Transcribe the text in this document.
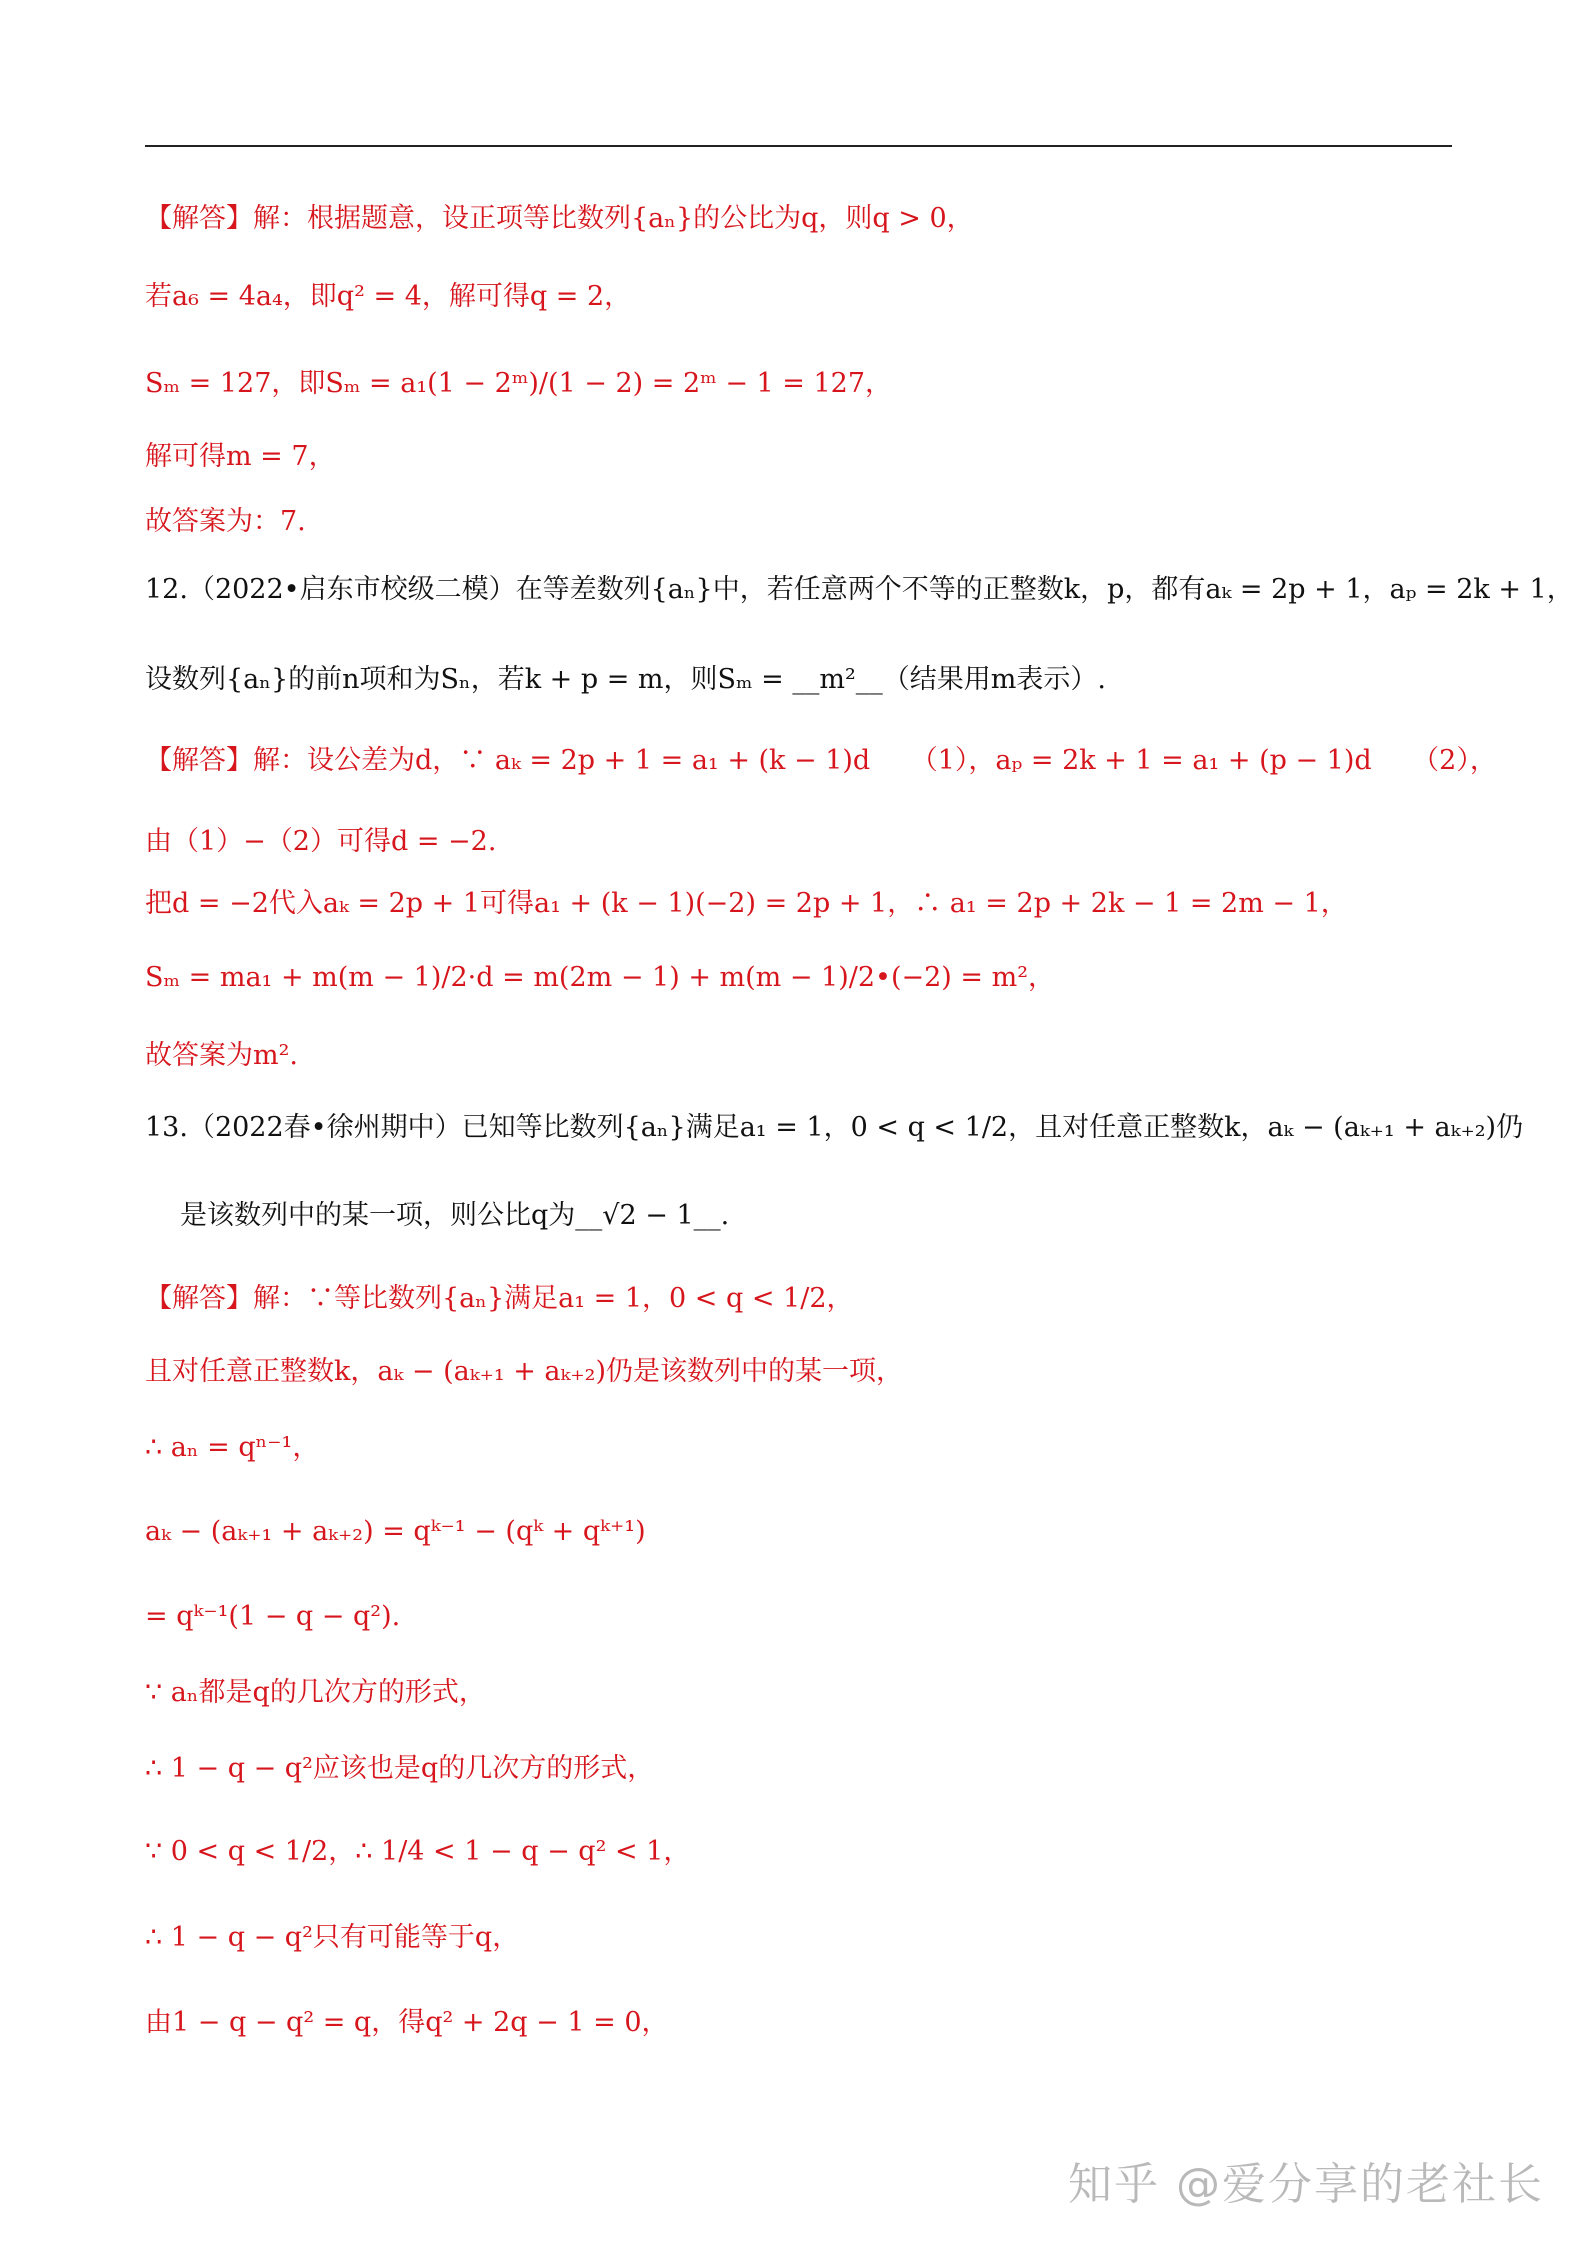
【解答】解：根据题意，设正项等比数列{aₙ}的公比为q，则q > 0，
若a₆ = 4a₄，即q² = 4，解可得q = 2，
Sₘ = 127，即Sₘ = a₁(1 − 2ᵐ)/(1 − 2) = 2ᵐ − 1 = 127，
解可得m = 7，
故答案为：7.
12.（2022•启东市校级二模）在等差数列{aₙ}中，若任意两个不等的正整数k，p，都有aₖ = 2p + 1，aₚ = 2k + 1，
设数列{aₙ}的前n项和为Sₙ，若k + p = m，则Sₘ = __m²__（结果用m表示）.
【解答】解：设公差为d，∵ aₖ = 2p + 1 = a₁ + (k − 1)d　　（1），aₚ = 2k + 1 = a₁ + (p − 1)d　　（2），
由（1）−（2）可得d = −2.
把d = −2代入aₖ = 2p + 1可得a₁ + (k − 1)(−2) = 2p + 1，∴ a₁ = 2p + 2k − 1 = 2m − 1，
Sₘ = ma₁ + m(m − 1)/2·d = m(2m − 1) + m(m − 1)/2•(−2) = m²，
故答案为m².
13.（2022春•徐州期中）已知等比数列{aₙ}满足a₁ = 1，0 < q < 1/2，且对任意正整数k，aₖ − (aₖ₊₁ + aₖ₊₂)仍
是该数列中的某一项，则公比q为__√2 − 1__.
【解答】解：∵等比数列{aₙ}满足a₁ = 1，0 < q < 1/2，
且对任意正整数k，aₖ − (aₖ₊₁ + aₖ₊₂)仍是该数列中的某一项，
∴ aₙ = qⁿ⁻¹，
aₖ − (aₖ₊₁ + aₖ₊₂) = qᵏ⁻¹ − (qᵏ + qᵏ⁺¹)
= qᵏ⁻¹(1 − q − q²).
∵ aₙ都是q的几次方的形式，
∴ 1 − q − q²应该也是q的几次方的形式，
∵ 0 < q < 1/2，∴ 1/4 < 1 − q − q² < 1，
∴ 1 − q − q²只有可能等于q，
由1 − q − q² = q，得q² + 2q − 1 = 0，
知乎 @爱分享的老社长
